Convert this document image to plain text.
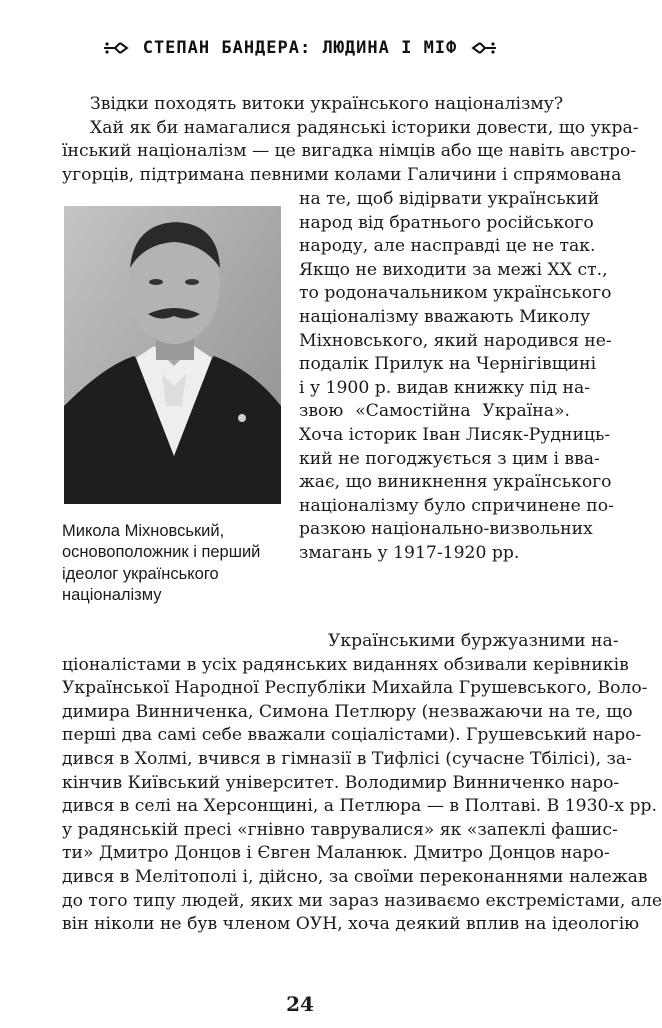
СТЕПАН БАНДЕРА: ЛЮДИНА І МІФ
Звідки походять витоки українського націоналізму?
Хай як би намагалися радянські історики довести, що укра-
їнський націоналізм — це вигадка німців або ще навіть австро-
угорців, підтримана певними колами Галичини і спрямована
Микола Міхновський,
основоположник і перший
ідеолог українського
націоналізму
на те, щоб відірвати український
народ від братнього російського
народу, але насправді це не так.
Якщо не виходити за межі XX ст.,
то родоначальником українського
націоналізму вважають Миколу
Міхновського, який народився не-
подалік Прилук на Чернігівщині
і у 1900 р. видав книжку під на-
звою «Самостійна Україна».
Хоча історик Іван Лисяк-Рудниць-
кий не погоджується з цим і вва-
жає, що виникнення українського
націоналізму було спричинене по-
разкою національно-визвольних
змагань у 1917-1920 рр.
Українськими буржуазними на-
ціоналістами в усіх радянських виданнях обзивали керівників
Української Народної Республіки Михайла Грушевського, Воло-
димира Винниченка, Симона Петлюру (незважаючи на те, що
перші два самі себе вважали соціалістами). Грушевський наро-
дився в Холмі, вчився в гімназії в Тифлісі (сучасне Тбілісі), за-
кінчив Київський університет. Володимир Винниченко наро-
дився в селі на Херсонщині, а Петлюра — в Полтаві. В 1930-х рр.
у радянській пресі «гнівно таврувалися» як «запеклі фашис-
ти» Дмитро Донцов і Євген Маланюк. Дмитро Донцов наро-
дився в Мелітополі і, дійсно, за своїми переконаннями належав
до того типу людей, яких ми зараз називаємо екстремістами, але
він ніколи не був членом ОУН, хоча деякий вплив на ідеологію
24
